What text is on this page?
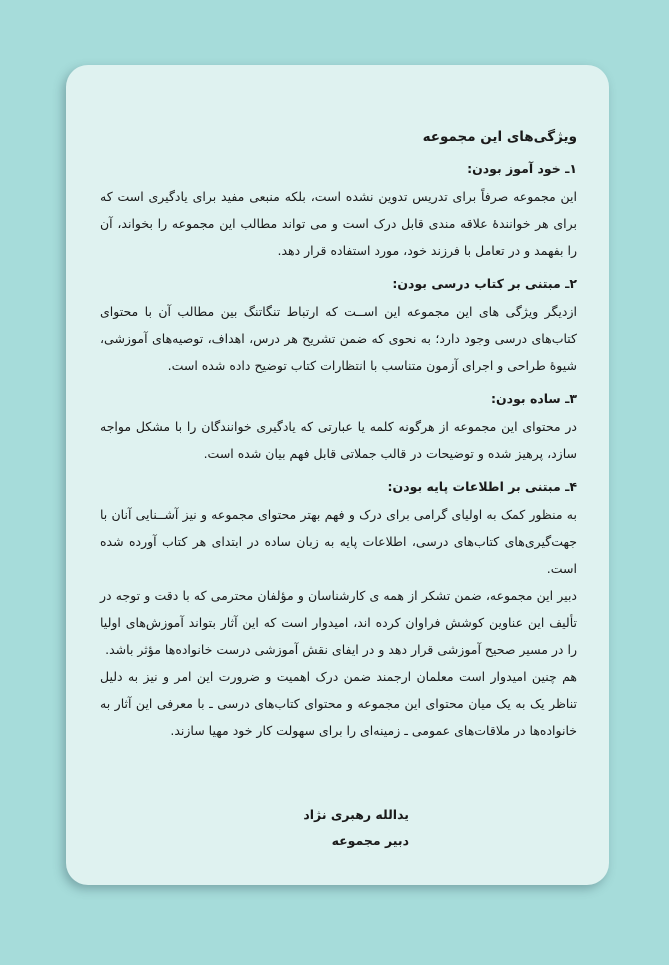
ویژگی‌های این مجموعه
۱ـ خود آموز بودن:
این مجموعه صرفاً برای تدریس تدوین نشده است، بلکه منبعی مفید برای یادگیری است که برای هر خوانندهٔ علاقه مندی قابل درک است و می تواند مطالب این مجموعه را بخواند، آن را بفهمد و در تعامل با فرزند خود، مورد استفاده قرار دهد.
۲ـ مبتنی بر کتاب درسی بودن:
ازدیگر ویژگی های این مجموعه این اســت که ارتباط تنگاتنگ بین مطالب آن با محتوای کتاب‌های درسی وجود دارد؛ به نحوی که ضمن تشریح هر درس، اهداف، توصیه‌های آموزشی، شیوهٔ طراحی و اجرای آزمون متناسب با انتظارات کتاب توضیح داده شده است.
۳ـ ساده بودن:
در محتوای این مجموعه از هرگونه کلمه یا عبارتی که یادگیری خوانندگان را با مشکل مواجه سازد، پرهیز شده و توضیحات در قالب جملاتی قابل فهم بیان شده است.
۴ـ مبتنی بر اطلاعات پایه بودن:
به منظور کمک به اولیای گرامی برای درک و فهم بهتر محتوای مجموعه و نیز آشــنایی آنان با جهت‌گیری‌های کتاب‌های درسی، اطلاعات پایه به زبان ساده در ابتدای هر کتاب آورده شده است.
دبیر این مجموعه، ضمن تشکر از همه ی کارشناسان و مؤلفان محترمی که با دقت و توجه در تألیف این عناوین کوشش فراوان کرده اند، امیدوار است که این آثار بتواند آموزش‌های اولیا را در مسیر صحیح آموزشی قرار دهد و در ایفای نقش آموزشی درست خانواده‌ها مؤثر باشد.
هم چنین امیدوار است معلمان ارجمند ضمن درک اهمیت و ضرورت این امر و نیز به دلیل تناظر یک به یک میان محتوای این مجموعه و محتوای کتاب‌های درسی ـ با معرفی این آثار به خانواده‌ها در ملاقات‌های عمومی ـ زمینه‌ای را برای سهولت کار خود مهیا سازند.
یدالله رهبری نژاد
دبیر مجموعه
